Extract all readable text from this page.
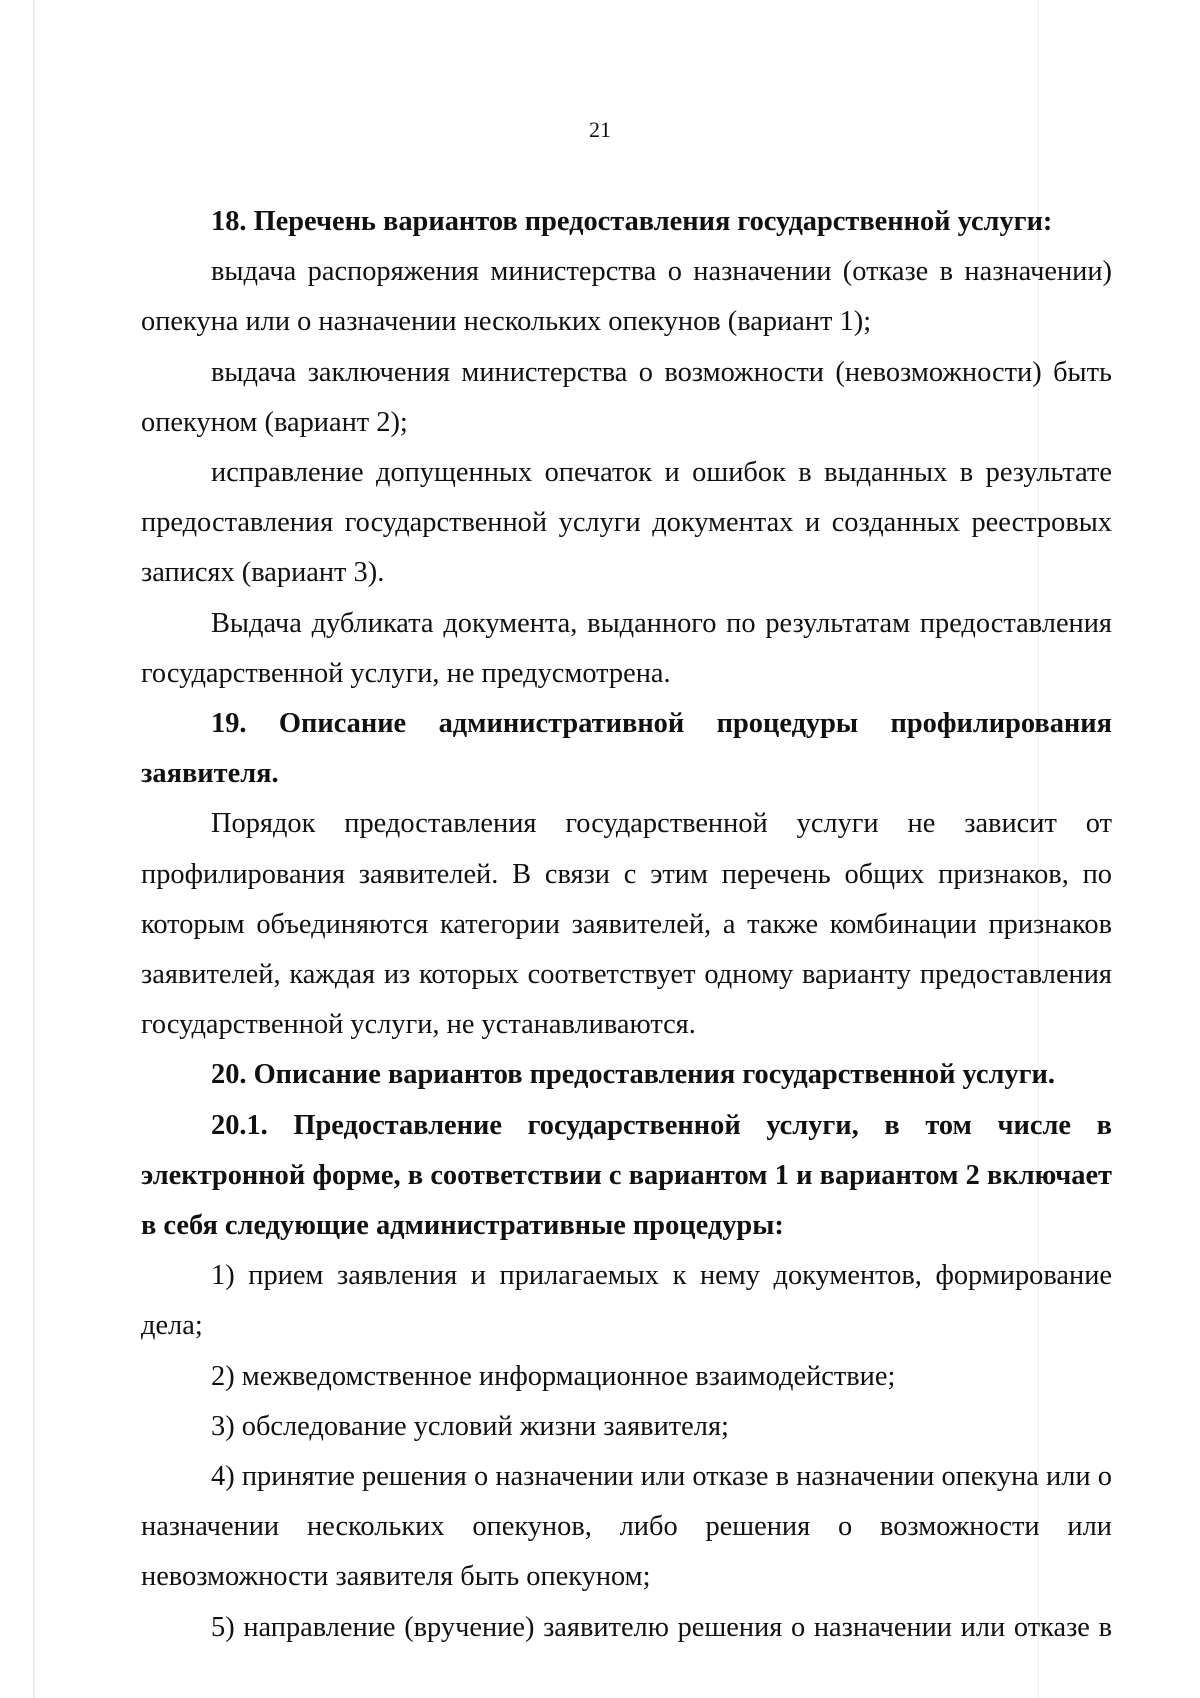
21

18. Перечень вариантов предоставления государственной услуги:

выдача распоряжения министерства о назначении (отказе в назначении) опекуна или о назначении нескольких опекунов (вариант 1);

выдача заключения министерства о возможности (невозможности) быть опекуном (вариант 2);

исправление допущенных опечаток и ошибок в выданных в результате предоставления государственной услуги документах и созданных реестровых записях (вариант 3).

Выдача дубликата документа, выданного по результатам предоставления государственной услуги, не предусмотрена.

19. Описание административной процедуры профилирования заявителя.

Порядок предоставления государственной услуги не зависит от профилирования заявителей. В связи с этим перечень общих признаков, по которым объединяются категории заявителей, а также комбинации признаков заявителей, каждая из которых соответствует одному варианту предоставления государственной услуги, не устанавливаются.

20. Описание вариантов предоставления государственной услуги.

20.1. Предоставление государственной услуги, в том числе в электронной форме, в соответствии с вариантом 1 и вариантом 2 включает в себя следующие административные процедуры:

1) прием заявления и прилагаемых к нему документов, формирование дела;

2) межведомственное информационное взаимодействие;

3) обследование условий жизни заявителя;

4) принятие решения о назначении или отказе в назначении опекуна или о назначении нескольких опекунов, либо решения о возможности или невозможности заявителя быть опекуном;

5) направление (вручение) заявителю решения о назначении или отказе в
